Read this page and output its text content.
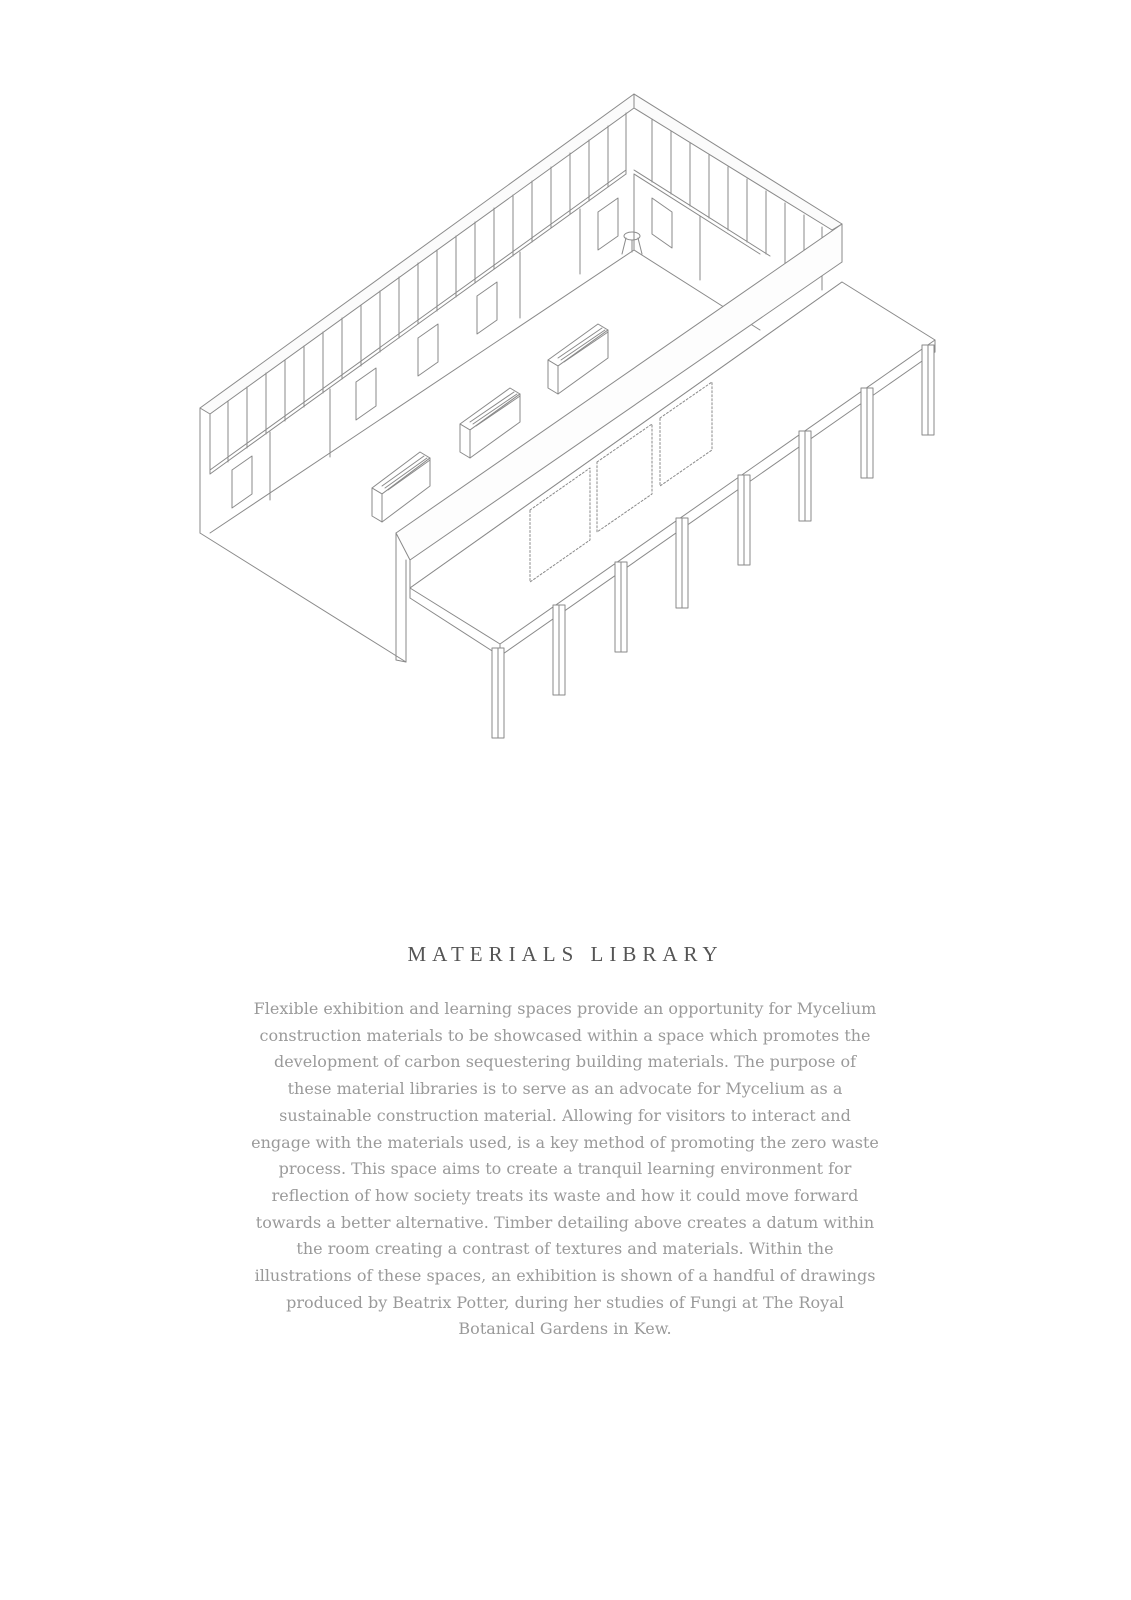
MATERIALS LIBRARY

Flexible exhibition and learning spaces provide an opportunity for Mycelium construction materials to be showcased within a space which promotes the development of carbon sequestering building materials. The purpose of these material libraries is to serve as an advocate for Mycelium as a sustainable construction material. Allowing for visitors to interact and engage with the materials used, is a key method of promoting the zero waste process. This space aims to create a tranquil learning environment for reflection of how society treats its waste and how it could move forward towards a better alternative. Timber detailing above creates a datum within the room creating a contrast of textures and materials. Within the illustrations of these spaces, an exhibition is shown of a handful of drawings produced by Beatrix Potter, during her studies of Fungi at The Royal Botanical Gardens in Kew.
